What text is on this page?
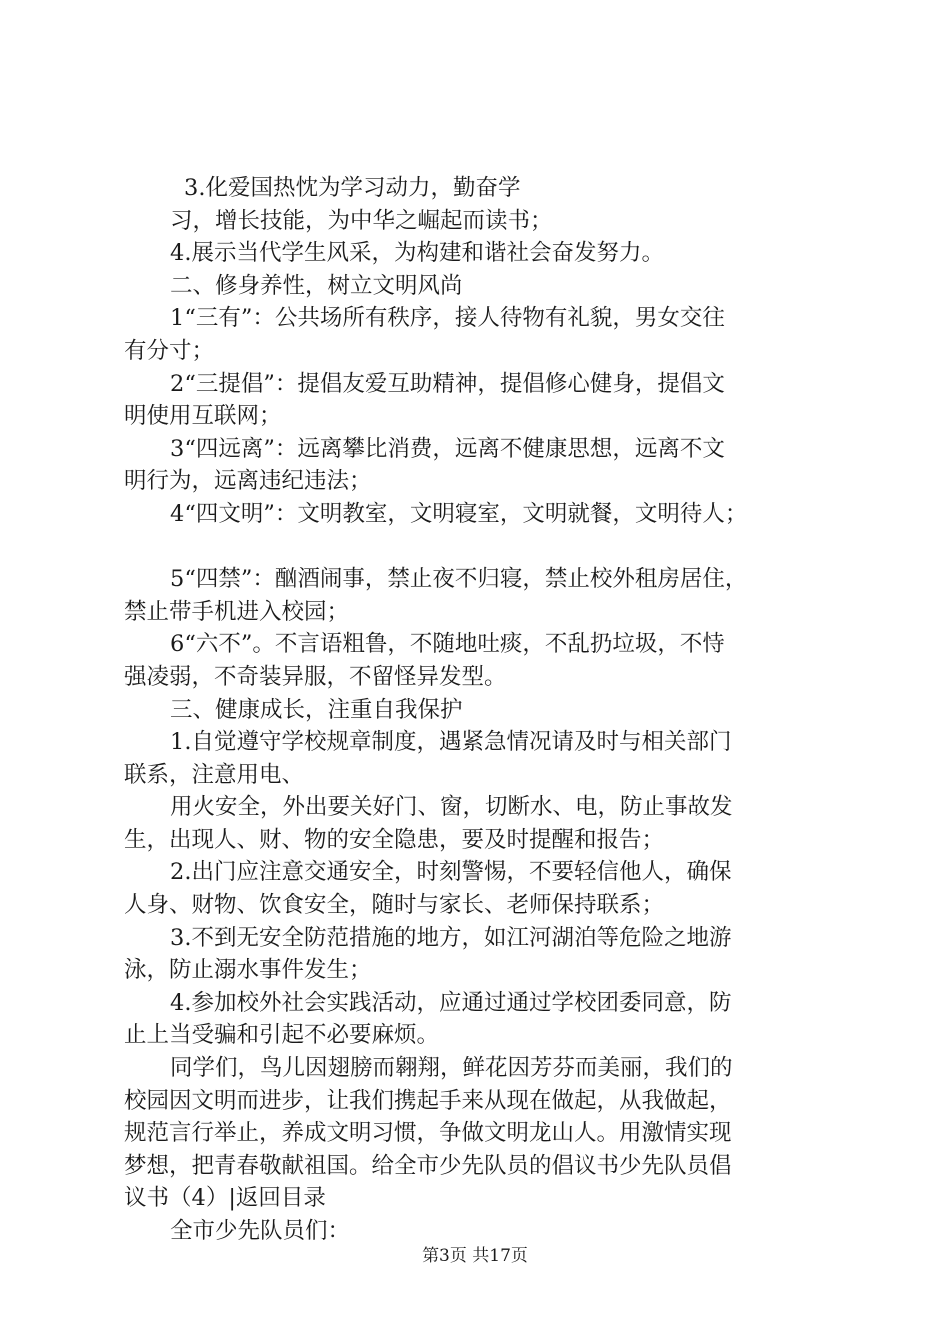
3.化爱国热忱为学习动力，勤奋学
习，增长技能，为中华之崛起而读书；
4.展示当代学生风采，为构建和谐社会奋发努力。
二、修身养性，树立文明风尚
1“三有”：公共场所有秩序，接人待物有礼貌，男女交往
有分寸；
2“三提倡”：提倡友爱互助精神，提倡修心健身，提倡文
明使用互联网；
3“四远离”：远离攀比消费，远离不健康思想，远离不文
明行为，远离违纪违法；
4“四文明”：文明教室，文明寝室，文明就餐，文明待人；
5“四禁”：酗酒闹事，禁止夜不归寝，禁止校外租房居住，
禁止带手机进入校园；
6“六不”。不言语粗鲁，不随地吐痰，不乱扔垃圾，不恃
强凌弱，不奇装异服，不留怪异发型。
三、健康成长，注重自我保护
1.自觉遵守学校规章制度，遇紧急情况请及时与相关部门
联系，注意用电、
用火安全，外出要关好门、窗，切断水、电，防止事故发
生，出现人、财、物的安全隐患，要及时提醒和报告；
2.出门应注意交通安全，时刻警惕，不要轻信他人，确保
人身、财物、饮食安全，随时与家长、老师保持联系；
3.不到无安全防范措施的地方，如江河湖泊等危险之地游
泳，防止溺水事件发生；
4.参加校外社会实践活动，应通过通过学校团委同意，防
止上当受骗和引起不必要麻烦。
同学们，鸟儿因翅膀而翱翔，鲜花因芳芬而美丽，我们的
校园因文明而进步，让我们携起手来从现在做起，从我做起，
规范言行举止，养成文明习惯，争做文明龙山人。用激情实现
梦想，把青春敬献祖国。给全市少先队员的倡议书少先队员倡
议书（4）|返回目录
全市少先队员们：
第3页 共17页
